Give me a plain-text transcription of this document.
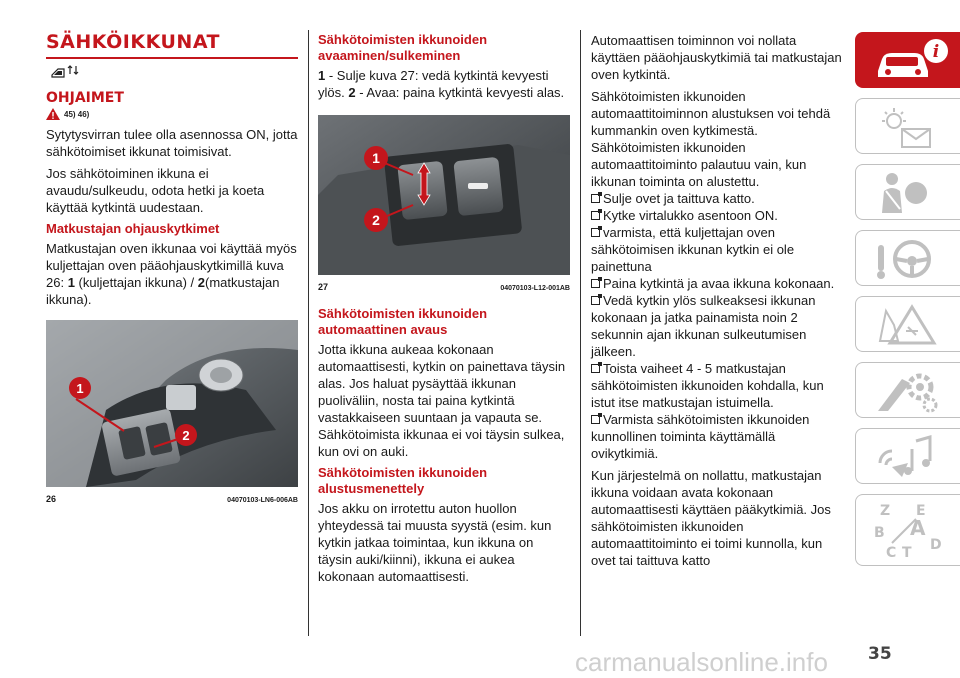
SÄHKÖIKKUNAT
OHJAIMET
45) 46)

Sytytysvirran tulee olla asennossa ON, jotta sähkötoimiset ikkunat toimisivat.

Jos sähkötoiminen ikkuna ei avaudu/sulkeudu, odota hetki ja koeta käyttää kytkintä uudestaan.

Matkustajan ohjauskytkimet

Matkustajan oven ikkunaa voi käyttää myös kuljettajan oven pääohjauskytkimillä kuva 26: 1 (kuljettajan ikkuna) / 2(matkustajan ikkuna).

1
2
26	04070103-LN6-006AB
Sähkötoimisten ikkunoiden avaaminen/sulkeminen

1 - Sulje kuva 27: vedä kytkintä kevyesti ylös. 2 - Avaa: paina kytkintä kevyesti alas.

1
2
27	04070103-L12-001AB
Sähkötoimisten ikkunoiden automaattinen avaus

Jotta ikkuna aukeaa kokonaan automaattisesti, kytkin on painettava täysin alas. Jos haluat pysäyttää ikkunan puoliväliin, nosta tai paina kytkintä vastakkaiseen suuntaan ja vapauta se. Sähkötoimista ikkunaa ei voi täysin sulkea, kun ovi on auki.

Sähkötoimisten ikkunoiden alustusmenettely

Jos akku on irrotettu auton huollon yhteydessä tai muusta syystä (esim. kun kytkin jatkaa toimintaa, kun ikkuna on täysin auki/kiinni), ikkuna ei aukea kokonaan automaattisesti.

Automaattisen toiminnon voi nollata käyttäen pääohjauskytkimiä tai matkustajan oven kytkintä.

Sähkötoimisten ikkunoiden automaattitoiminnon alustuksen voi tehdä kummankin oven kytkimestä.

Sähkötoimisten ikkunoiden automaattitoiminto palautuu vain, kun ikkunan toiminta on alustettu.

Sulje ovet ja taittuva katto.

Kytke virtalukko asentoon ON.

varmista, että kuljettajan oven sähkötoimisen ikkunan kytkin ei ole painettuna

Paina kytkintä ja avaa ikkuna kokonaan.

Vedä kytkin ylös sulkeaksesi ikkunan kokonaan ja jatka painamista noin 2 sekunnin ajan ikkunan sulkeutumisen jälkeen.

Toista vaiheet 4 - 5 matkustajan sähkötoimisten ikkunoiden kohdalla, kun istut itse matkustajan istuimella.

Varmista sähkötoimisten ikkunoiden kunnollinen toiminta käyttämällä ovikytkimiä.

Kun järjestelmä on nollattu, matkustajan ikkuna voidaan avata kokonaan automaattisesti käyttäen pääkytkimiä. Jos sähkötoimisten ikkunoiden automaattitoiminto ei toimi kunnolla, kun ovet tai taittuva katto

i
Z E
B A
C T D
carmanualsonline.info 35
